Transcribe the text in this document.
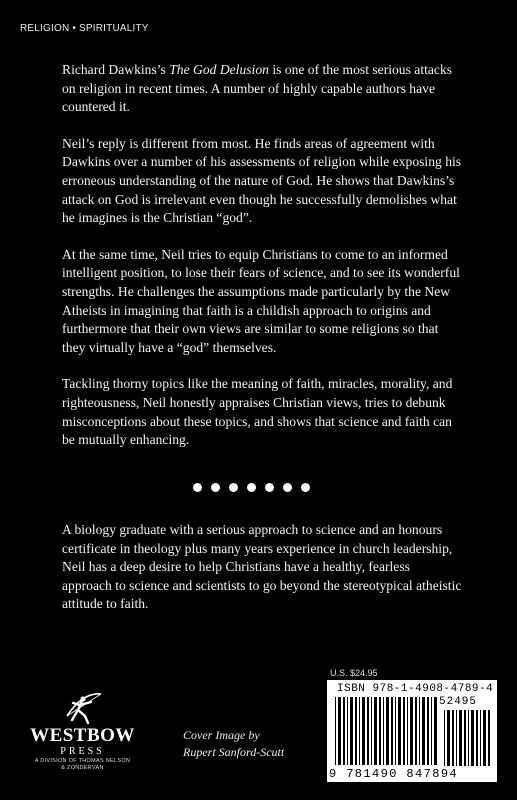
RELIGION • SPIRITUALITY

Richard Dawkins’s The God Delusion is one of the most serious attacks on religion in recent times. A number of highly capable authors have countered it.

Neil’s reply is different from most. He finds areas of agreement with Dawkins over a number of his assessments of religion while exposing his erroneous understanding of the nature of God. He shows that Dawkins’s attack on God is irrelevant even though he successfully demolishes what he imagines is the Christian “god”.

At the same time, Neil tries to equip Christians to come to an informed intelligent position, to lose their fears of science, and to see its wonderful strengths. He challenges the assumptions made particularly by the New Atheists in imagining that faith is a childish approach to origins and furthermore that their own views are similar to some religions so that they virtually have a “god” themselves.

Tackling thorny topics like the meaning of faith, miracles, morality, and righteousness, Neil honestly appraises Christian views, tries to debunk misconceptions about these topics, and shows that science and faith can be mutually enhancing.

A biology graduate with a serious approach to science and an honours certificate in theology plus many years experience in church leadership, Neil has a deep desire to help Christians have a healthy, fearless approach to science and scientists to go beyond the stereotypical atheistic attitude to faith.

U.S. $24.95
ISBN 978-1-4908-4789-4
52495
9 781490 847894
WESTBOW
PRESS
A DIVISION OF THOMAS NELSON
& ZONDERVAN
Cover Image by
Rupert Sanford-Scutt
